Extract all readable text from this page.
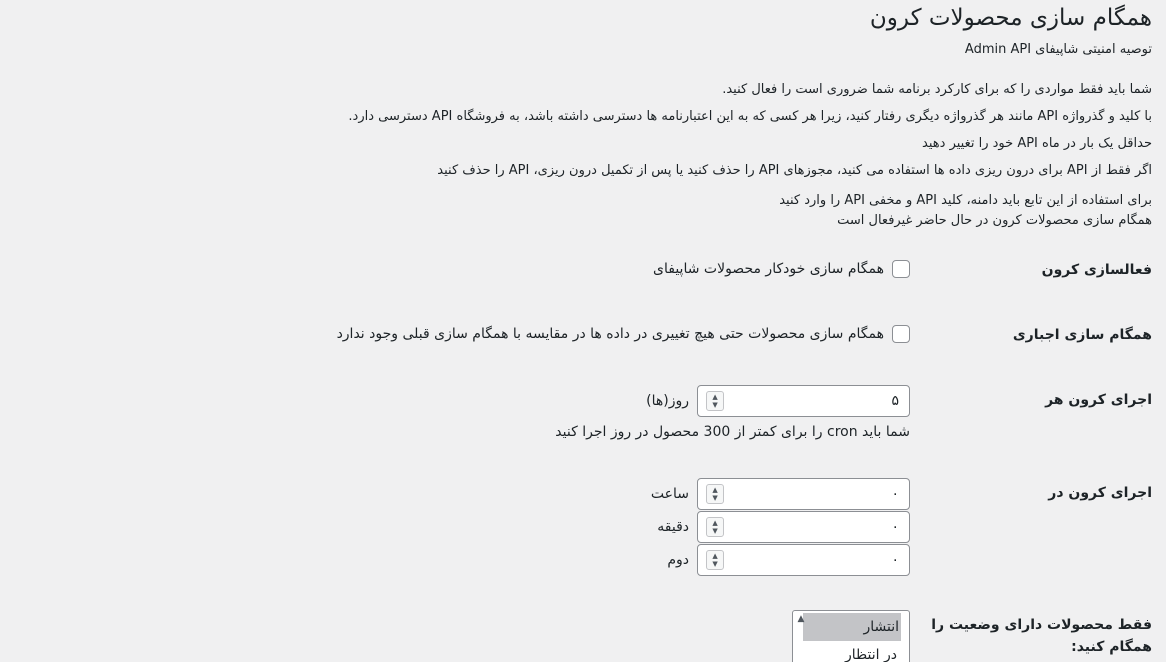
همگام سازی محصولات کرون
توصیه امنیتی شاپیفای Admin API

شما باید فقط مواردی را که برای کارکرد برنامه شما ضروری است را فعال کنید.

با کلید و گذرواژه API مانند هر گذرواژه دیگری رفتار کنید، زیرا هر کسی که به این اعتبارنامه ها دسترسی داشته باشد، به فروشگاه API دسترسی دارد.

حداقل یک بار در ماه API خود را تغییر دهید

اگر فقط از API برای درون ریزی داده ها استفاده می کنید، مجوزهای API را حذف کنید یا پس از تکمیل درون ریزی، API را حذف کنید

برای استفاده از این تابع باید دامنه، کلید API و مخفی API را وارد کنید

همگام سازی محصولات کرون در حال حاضر غیرفعال است

فعالسازی کرون
همگام سازی خودکار محصولات شاپیفای
همگام سازی اجباری
همگام سازی محصولات حتی هیچ تغییری در داده ها در مقایسه با همگام سازی قبلی وجود ندارد
اجرای کرون هر
۵
▲
▼
روز(ها)
شما باید cron را برای کمتر از 300 محصول در روز اجرا کنید
اجرای کرون در
۰
▲
▼
ساعت
۰
▲
▼
دقیقه
۰
▲
▼
دوم
فقط محصولات دارای وضعیت را
همگام کنید:
▲	انتشار
در انتظار
